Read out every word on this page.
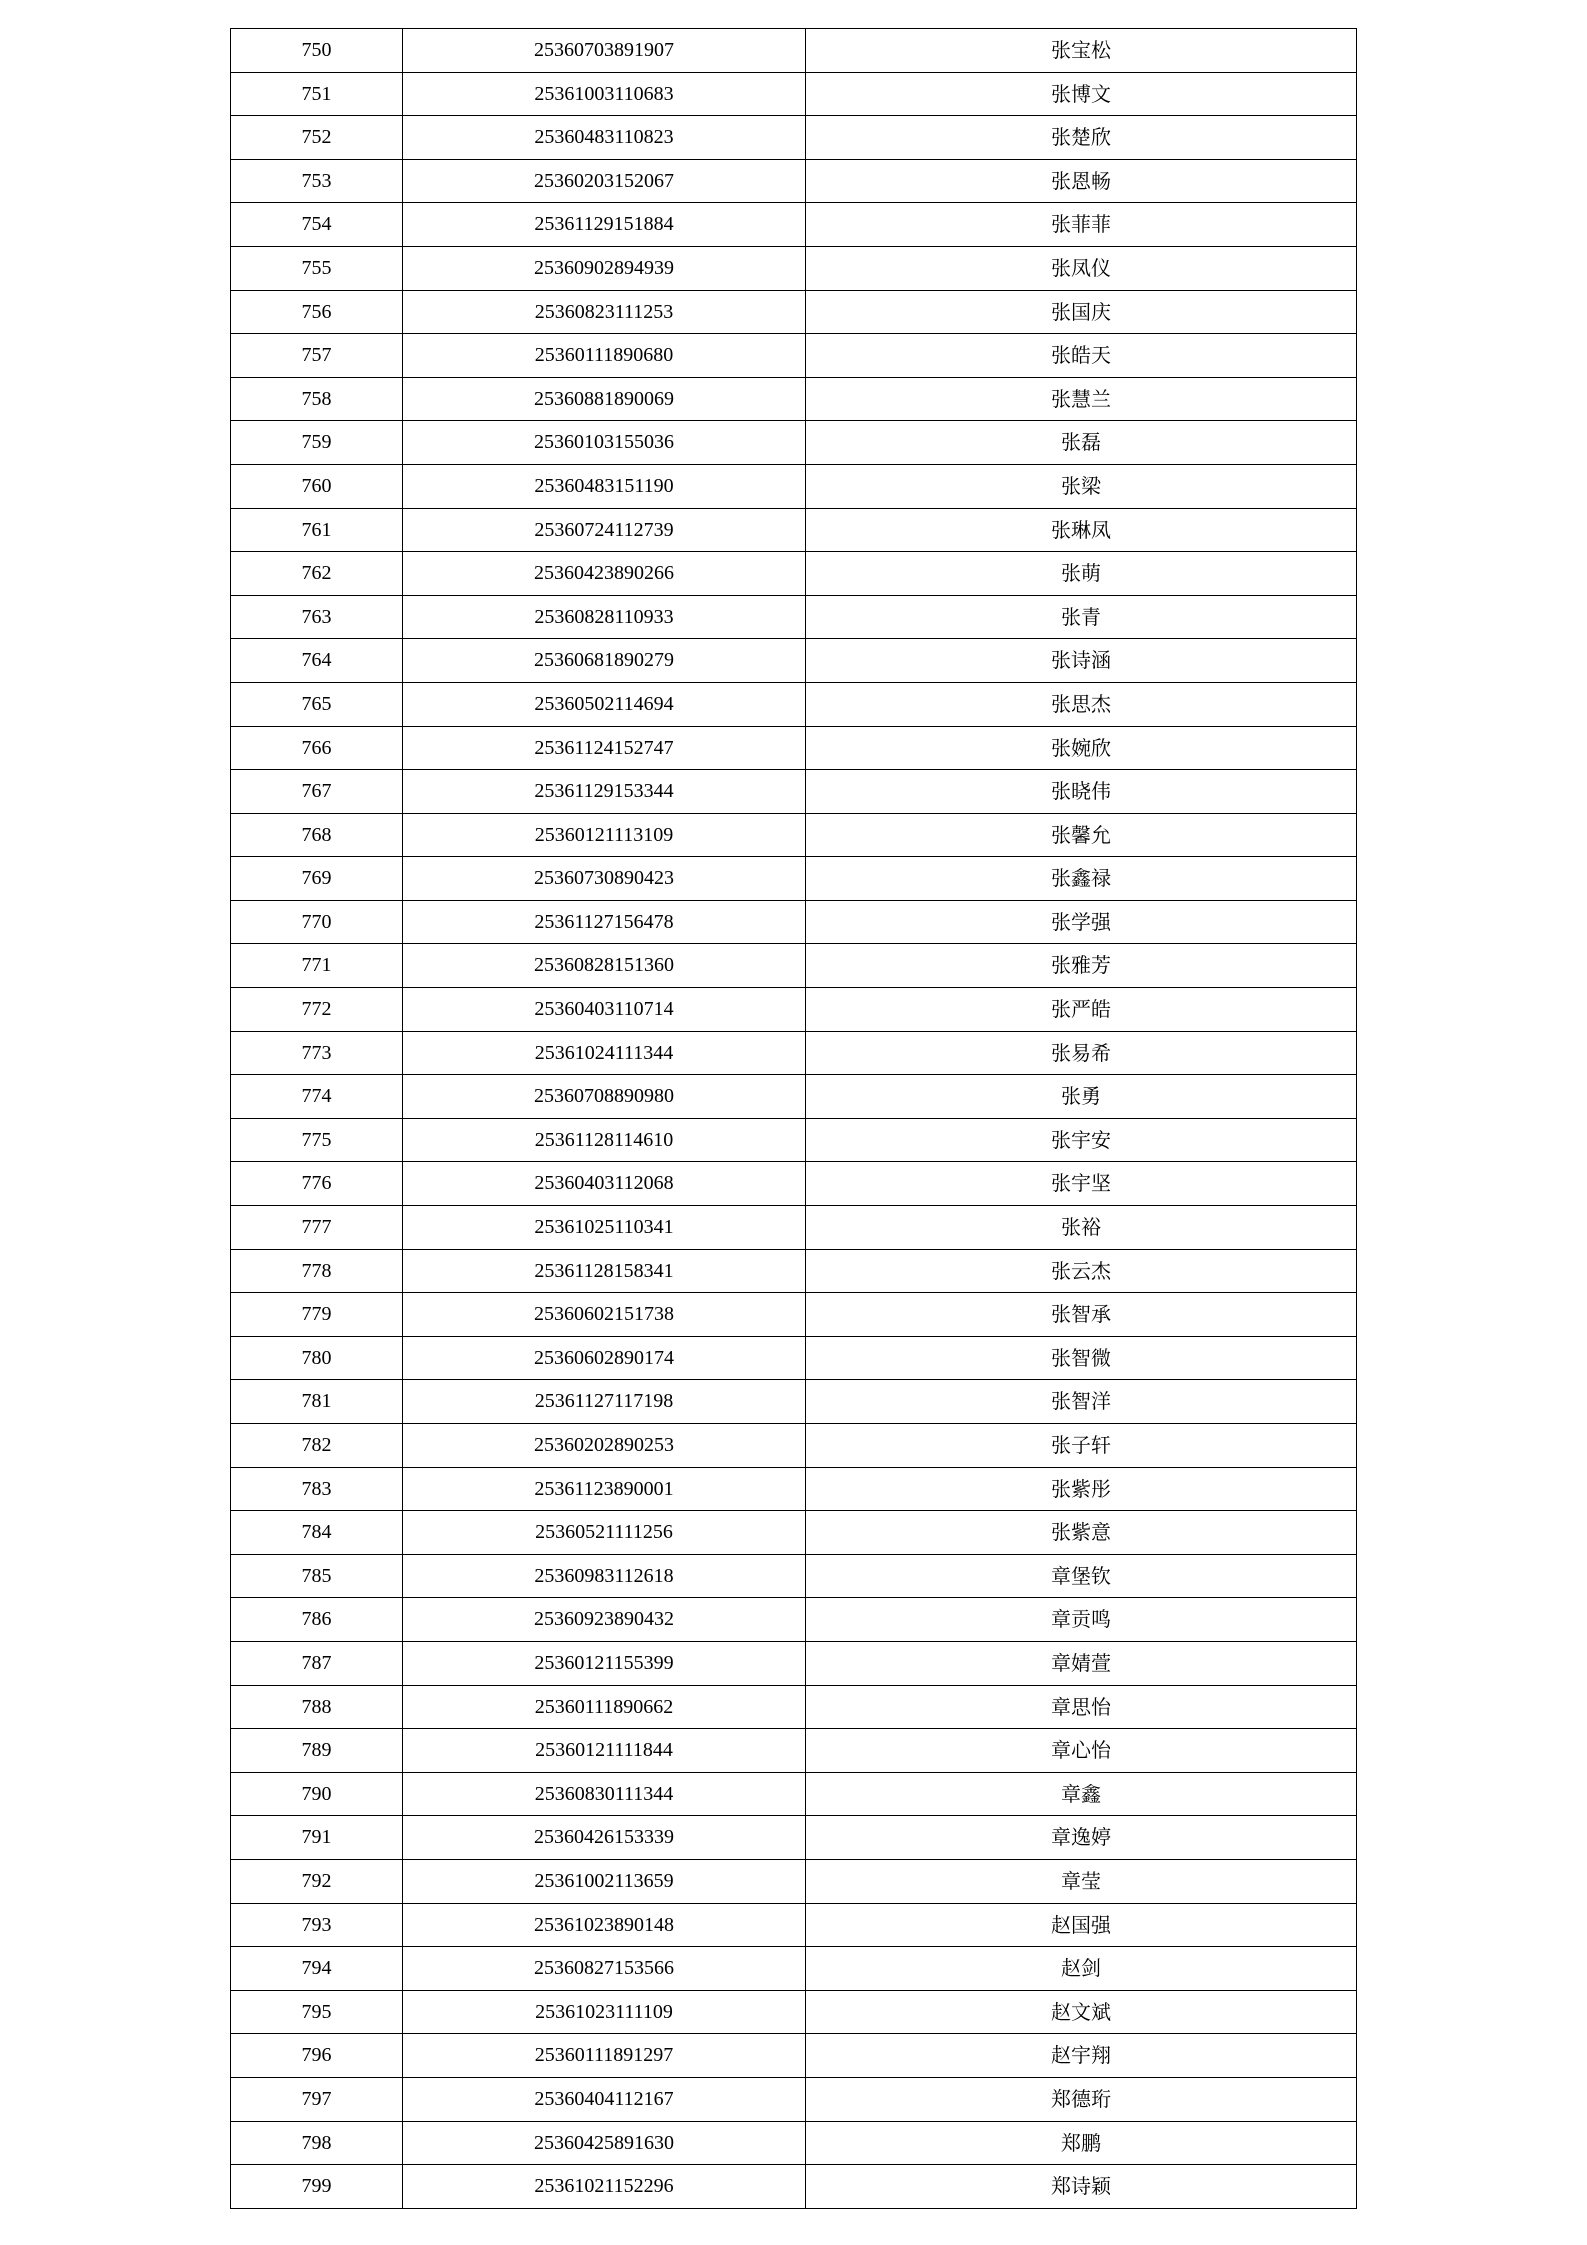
750	25360703891907	张宝松
751	25361003110683	张博文
752	25360483110823	张楚欣
753	25360203152067	张恩畅
754	25361129151884	张菲菲
755	25360902894939	张凤仪
756	25360823111253	张国庆
757	25360111890680	张皓天
758	25360881890069	张慧兰
759	25360103155036	张磊
760	25360483151190	张梁
761	25360724112739	张琳凤
762	25360423890266	张萌
763	25360828110933	张青
764	25360681890279	张诗涵
765	25360502114694	张思杰
766	25361124152747	张婉欣
767	25361129153344	张晓伟
768	25360121113109	张馨允
769	25360730890423	张鑫禄
770	25361127156478	张学强
771	25360828151360	张雅芳
772	25360403110714	张严皓
773	25361024111344	张易希
774	25360708890980	张勇
775	25361128114610	张宇安
776	25360403112068	张宇坚
777	25361025110341	张裕
778	25361128158341	张云杰
779	25360602151738	张智承
780	25360602890174	张智微
781	25361127117198	张智洋
782	25360202890253	张子轩
783	25361123890001	张紫彤
784	25360521111256	张紫意
785	25360983112618	章堡钦
786	25360923890432	章贡鸣
787	25360121155399	章婧萱
788	25360111890662	章思怡
789	25360121111844	章心怡
790	25360830111344	章鑫
791	25360426153339	章逸婷
792	25361002113659	章莹
793	25361023890148	赵国强
794	25360827153566	赵剑
795	25361023111109	赵文斌
796	25360111891297	赵宇翔
797	25360404112167	郑德珩
798	25360425891630	郑鹏
799	25361021152296	郑诗颖
